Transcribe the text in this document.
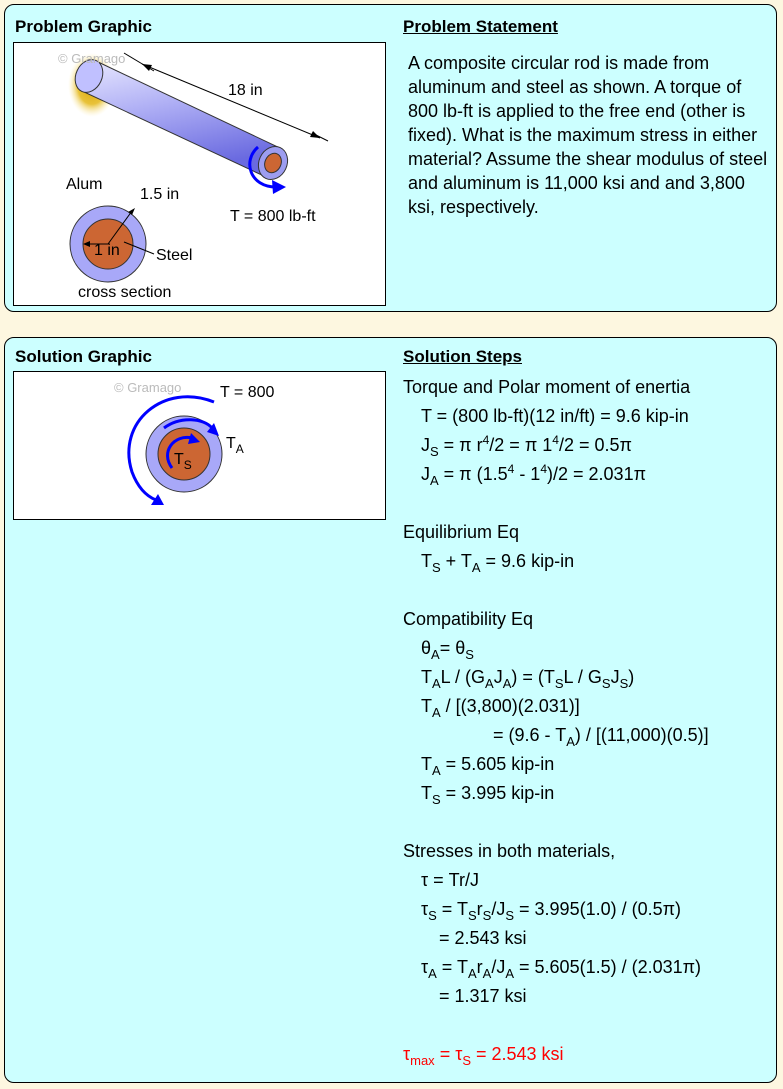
Problem Graphic	Problem Statement
18 in
© Gramago
T = 800 lb-ft
Alum
1.5 in
1 in Steel
cross section
A composite circular rod is made from aluminum and steel as shown. A torque of 800 lb-ft is applied to the free end (other is fixed). What is the maximum stress in either material? Assume the shear modulus of steel and aluminum is 11,000 ksi and and 3,800 ksi, respectively.
Solution Graphic	Solution Steps
© Gramago T = 800
$T_A$
$T_S$
Torque and Polar moment of enertia
T = (800 lb-ft)(12 in/ft) = 9.6 kip-in
$J_S = \pi$ $r^4/2 = \pi$ $1^4/2 = 0.5\pi$
$J_A = \pi$ $(1.5^4 - 1^4)/2 = 2.031\pi$
Equilibrium Eq
$T_S + T_A = 9.6$ kip-in
Compatibility Eq
$\theta_A= \theta_S$
$T_AL / (G_AJ_A) = (T_SL / G_SJ_S)$
$T_A / [(3,800)(2.031)]$
= $(9.6 - T_A) / [(11,000)(0.5)]$
$T_A = 5.605$ kip-in
$T_S = 3.995$ kip-in
Stresses in both materials,
τ = Tr/J
$\tau_S = T_Sr_S/J_S = 3.995(1.0) / (0.5\pi)$
= 2.543 ksi
$\tau_A = T_Ar_A/J_A = 5.605(1.5) / (2.031\pi)$
= 1.317 ksi
$\tau_{max} = \tau_S = 2.543$ ksi
